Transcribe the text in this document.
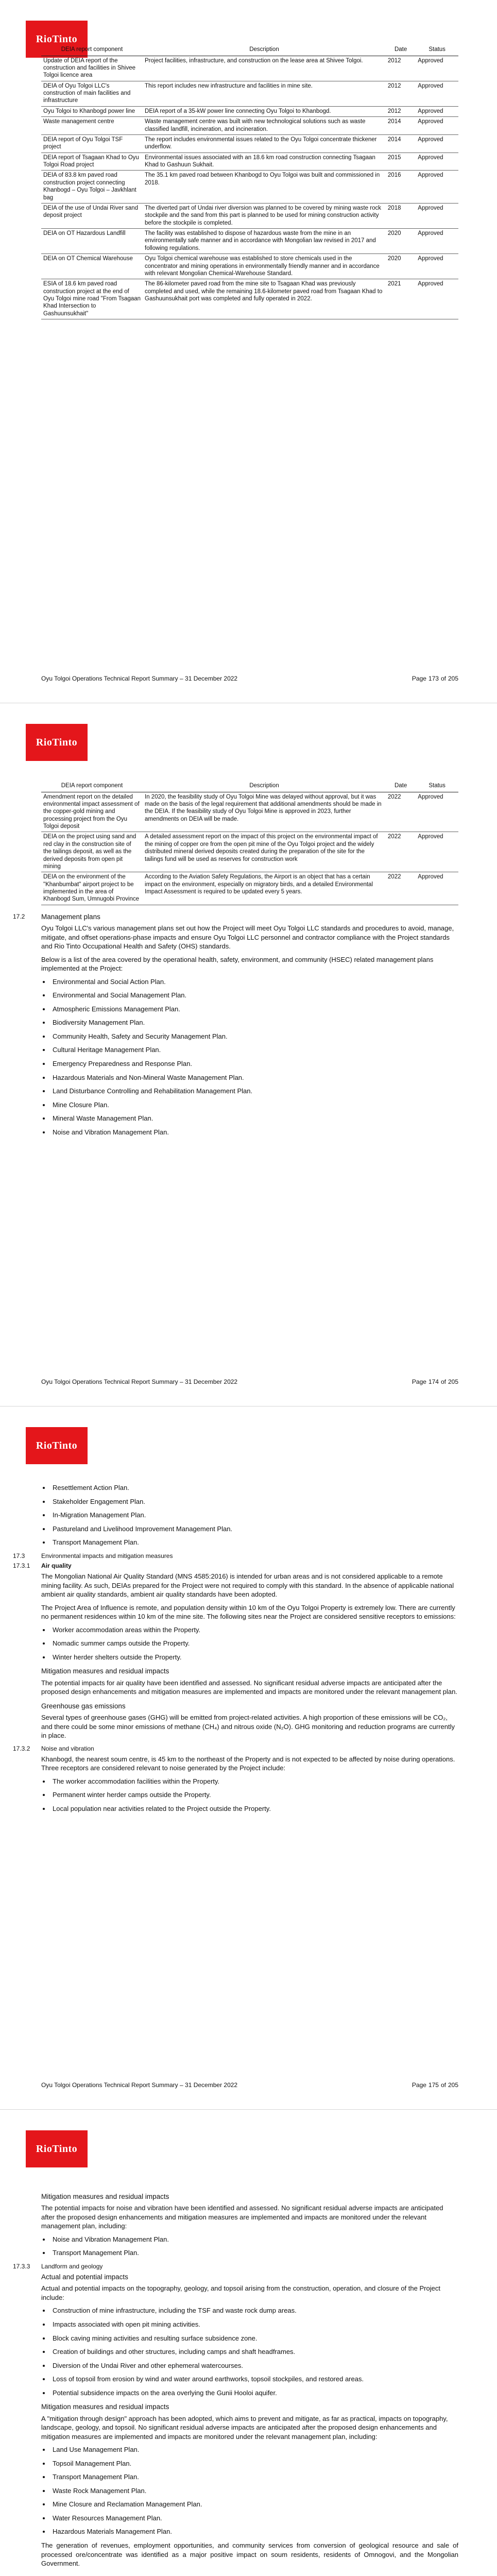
RioTinto
DEIA report component	Description	Date	Status
Update of DEIA report of the construction and facilities in Shivee Tolgoi licence area	Project facilities, infrastructure, and construction on the lease area at Shivee Tolgoi.	2012	Approved
DEIA of Oyu Tolgoi LLC's construction of main facilities and infrastructure	This report includes new infrastructure and facilities in mine site.	2012	Approved
Oyu Tolgoi to Khanbogd power line	DEIA report of a 35-kW power line connecting Oyu Tolgoi to Khanbogd.	2012	Approved
Waste management centre	Waste management centre was built with new technological solutions such as waste classified landfill, incineration, and incineration.	2014	Approved
DEIA report of Oyu Tolgoi TSF project	The report includes environmental issues related to the Oyu Tolgoi concentrate thickener underflow.	2014	Approved
DEIA report of Tsagaan Khad to Oyu Tolgoi Road project	Environmental issues associated with an 18.6 km road construction connecting Tsagaan Khad to Gashuun Sukhait.	2015	Approved
DEIA of 83.8 km paved road construction project connecting Khanbogd – Oyu Tolgoi – Javkhlant bag	The 35.1 km paved road between Khanbogd to Oyu Tolgoi was built and commissioned in 2018.	2016	Approved
DEIA of the use of Undai River sand deposit project	The diverted part of Undai river diversion was planned to be covered by mining waste rock stockpile and the sand from this part is planned to be used for mining construction activity before the stockpile is completed.	2018	Approved
DEIA on OT Hazardous Landfill	The facility was established to dispose of hazardous waste from the mine in an environmentally safe manner and in accordance with Mongolian law revised in 2017 and following regulations.	2020	Approved
DEIA on OT Chemical Warehouse	Oyu Tolgoi chemical warehouse was established to store chemicals used in the concentrator and mining operations in environmentally friendly manner and in accordance with relevant Mongolian Chemical-Warehouse Standard.	2020	Approved
ESIA of 18.6 km paved road construction project at the end of Oyu Tolgoi mine road "From Tsagaan Khad Intersection to Gashuunsukhait"	The 86-kilometer paved road from the mine site to Tsagaan Khad was previously completed and used, while the remaining 18.6-kilometer paved road from Tsagaan Khad to Gashuunsukhait port was completed and fully operated in 2022.	2021	Approved
Oyu Tolgoi Operations Technical Report Summary – 31 December 2022	Page 173 of 205
RioTinto
DEIA report component	Description	Date	Status
Amendment report on the detailed environmental impact assessment of the copper-gold mining and processing project from the Oyu Tolgoi deposit	In 2020, the feasibility study of Oyu Tolgoi Mine was delayed without approval, but it was made on the basis of the legal requirement that additional amendments should be made in the DEIA. If the feasibility study of Oyu Tolgoi Mine is approved in 2023, further amendments on DEIA will be made.	2022	Approved
DEIA on the project using sand and red clay in the construction site of the tailings deposit, as well as the derived deposits from open pit mining	A detailed assessment report on the impact of this project on the environmental impact of the mining of copper ore from the open pit mine of the Oyu Tolgoi project and the widely distributed mineral derived deposits created during the preparation of the site for the tailings fund will be used as reserves for construction work	2022	Approved
DEIA on the environment of the "Khanbumbat" airport project to be implemented in the area of Khanbogd Sum, Umnugobi Province	According to the Aviation Safety Regulations, the Airport is an object that has a certain impact on the environment, especially on migratory birds, and a detailed Environmental Impact Assessment is required to be updated every 5 years.	2022	Approved
17.2	Management plans

Oyu Tolgoi LLC's various management plans set out how the Project will meet Oyu Tolgoi LLC standards and procedures to avoid, manage, mitigate, and offset operations-phase impacts and ensure Oyu Tolgoi LLC personnel and contractor compliance with the Project standards and Rio Tinto Occupational Health and Safety (OHS) standards.

Below is a list of the area covered by the operational health, safety, environment, and community (HSEC) related management plans implemented at the Project:

• Environmental and Social Action Plan.
• Environmental and Social Management Plan.
• Atmospheric Emissions Management Plan.
• Biodiversity Management Plan.
• Community Health, Safety and Security Management Plan.
• Cultural Heritage Management Plan.
• Emergency Preparedness and Response Plan.
• Hazardous Materials and Non-Mineral Waste Management Plan.
• Land Disturbance Controlling and Rehabilitation Management Plan.
• Mine Closure Plan.
• Mineral Waste Management Plan.
• Noise and Vibration Management Plan.
Oyu Tolgoi Operations Technical Report Summary – 31 December 2022	Page 174 of 205
RioTinto
• Resettlement Action Plan.
• Stakeholder Engagement Plan.
• In-Migration Management Plan.
• Pastureland and Livelihood Improvement Management Plan.
• Transport Management Plan.
17.3	Environmental impacts and mitigation measures
17.3.1	Air quality

The Mongolian National Air Quality Standard (MNS 4585:2016) is intended for urban areas and is not considered applicable to a remote mining facility. As such, DEIAs prepared for the Project were not required to comply with this standard. In the absence of applicable national ambient air quality standards, ambient air quality standards have been adopted.

The Project Area of Influence is remote, and population density within 10 km of the Oyu Tolgoi Property is extremely low. There are currently no permanent residences within 10 km of the mine site. The following sites near the Project are considered sensitive receptors to emissions:

• Worker accommodation areas within the Property.
• Nomadic summer camps outside the Property.
• Winter herder shelters outside the Property.
Mitigation measures and residual impacts

The potential impacts for air quality have been identified and assessed. No significant residual adverse impacts are anticipated after the proposed design enhancements and mitigation measures are implemented and impacts are monitored under the relevant management plan.

Greenhouse gas emissions

Several types of greenhouse gases (GHG) will be emitted from project-related activities. A high proportion of these emissions will be CO₂, and there could be some minor emissions of methane (CH₄) and nitrous oxide (N₂O). GHG monitoring and reduction programs are currently in place.

17.3.2	Noise and vibration

Khanbogd, the nearest soum centre, is 45 km to the northeast of the Property and is not expected to be affected by noise during operations. Three receptors are considered relevant to noise generated by the Project include:

• The worker accommodation facilities within the Property.
• Permanent winter herder camps outside the Property.
• Local population near activities related to the Project outside the Property.
Oyu Tolgoi Operations Technical Report Summary – 31 December 2022	Page 175 of 205
RioTinto
Mitigation measures and residual impacts

The potential impacts for noise and vibration have been identified and assessed. No significant residual adverse impacts are anticipated after the proposed design enhancements and mitigation measures are implemented and impacts are monitored under the relevant management plan, including:

• Noise and Vibration Management Plan.
• Transport Management Plan.
17.3.3	Landform and geology
Actual and potential impacts

Actual and potential impacts on the topography, geology, and topsoil arising from the construction, operation, and closure of the Project include:

• Construction of mine infrastructure, including the TSF and waste rock dump areas.
• Impacts associated with open pit mining activities.
• Block caving mining activities and resulting surface subsidence zone.
• Creation of buildings and other structures, including camps and shaft headframes.
• Diversion of the Undai River and other ephemeral watercourses.
• Loss of topsoil from erosion by wind and water around earthworks, topsoil stockpiles, and restored areas.
• Potential subsidence impacts on the area overlying the Gunii Hooloi aquifer.
Mitigation measures and residual impacts

A "mitigation through design" approach has been adopted, which aims to prevent and mitigate, as far as practical, impacts on topography, landscape, geology, and topsoil. No significant residual adverse impacts are anticipated after the proposed design enhancements and mitigation measures are implemented and impacts are monitored under the relevant management plan, including:

• Land Use Management Plan.
• Topsoil Management Plan.
• Transport Management Plan.
• Waste Rock Management Plan.
• Mine Closure and Reclamation Management Plan.
• Water Resources Management Plan.
• Hazardous Materials Management Plan.

The generation of revenues, employment opportunities, and community services from conversion of geological resource and sale of processed ore/concentrate was identified as a major positive impact on soum residents, residents of Omnogovi, and the Mongolian Government.
